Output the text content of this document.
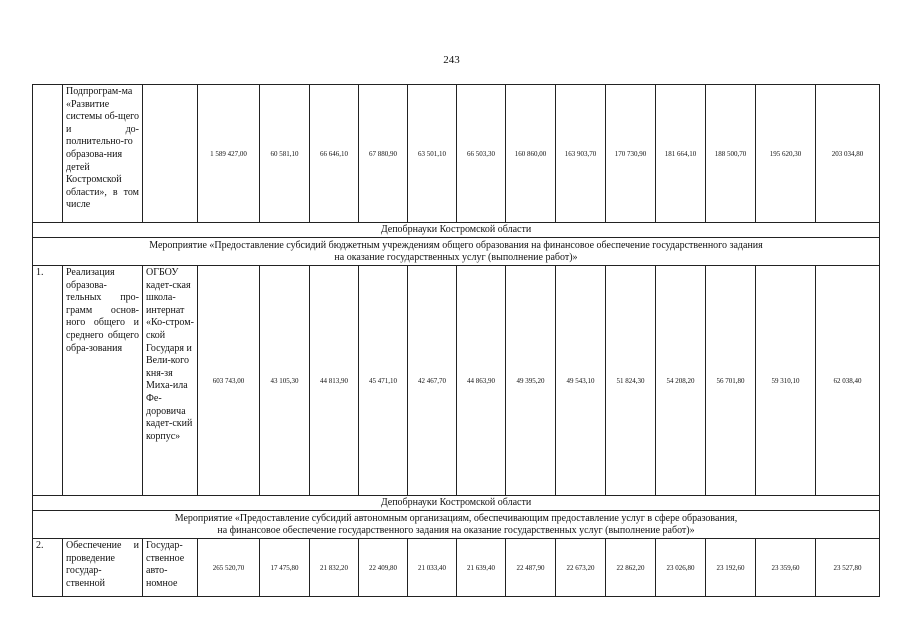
243
	Подпрограм-ма «Развитие системы об-щего и до-полнительно-го образова-ния детей Костромской области», в том числе		1 589 427,00	60 581,10	66 646,10	67 880,90	63 501,10	66 503,30	160 860,00	163 903,70	170 730,90	181 664,10	188 500,70	195 620,30	203 034,80
Депобрнауки Костромской области															

Мероприятие «Предоставление субсидий бюджетным учреждениям общего образования на финансовое обеспечение государственного задания
на оказание государственных услуг (выполнение работ)»															

1.	Реализация образова-тельных про-грамм основ-ного общего и среднего общего обра-зования	ОГБОУ кадет-ская школа-интернат «Ко-стром-ской Государя и Вели-кого кня-зя Миха-ила Фе-доровича кадет-ский корпус»	603 743,00	43 105,30	44 813,90	45 471,10	42 467,70	44 863,90	49 395,20	49 543,10	51 824,30	54 208,20	56 701,80	59 310,10	62 038,40
Депобрнауки Костромской области															

Мероприятие «Предоставление субсидий автономным организациям, обеспечивающим предоставление услуг в сфере образования,
на финансовое обеспечение государственного задания на оказание государственных услуг (выполнение работ)»															

2.	Обеспечение и проведение государ-ственной	Государ-ственное авто-номное	265 520,70	17 475,80	21 832,20	22 409,80	21 033,40	21 639,40	22 487,90	22 673,20	22 862,20	23 026,80	23 192,60	23 359,60	23 527,80
